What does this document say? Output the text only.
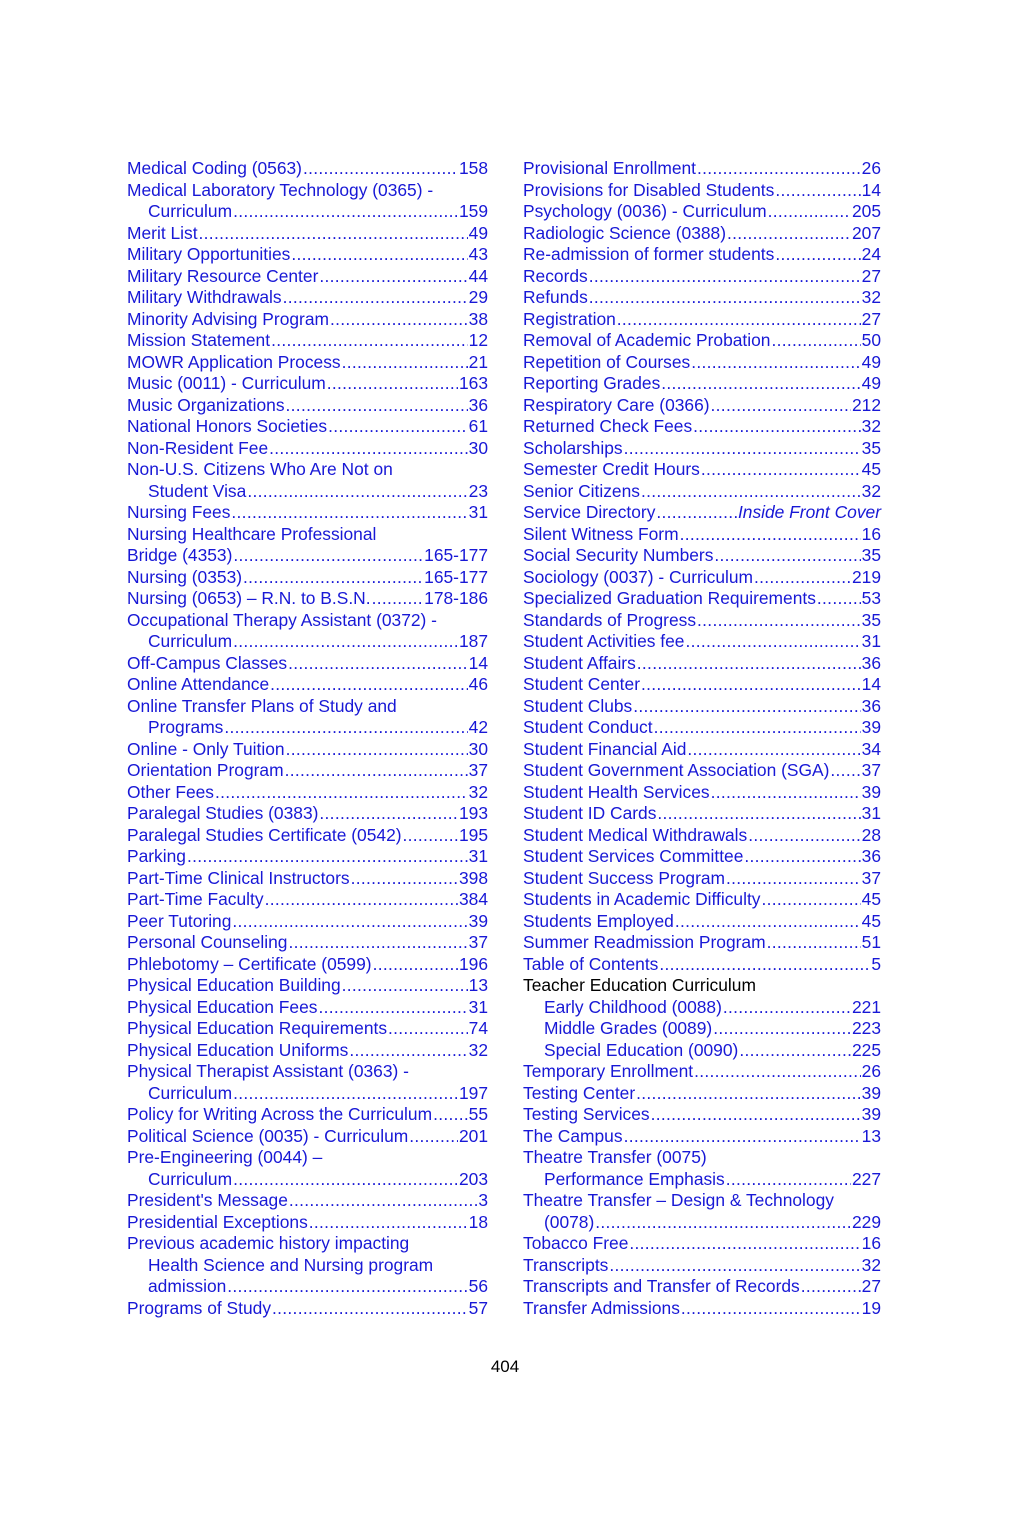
Medical Coding (0563) .....	158
Medical Laboratory Technology (0365) -
Curriculum .....	159
Merit List .....	49
Military Opportunities .....	43
Military Resource Center .....	44
Military Withdrawals .....	29
Minority Advising Program .....	38
Mission Statement .....	12
MOWR Application Process .....	21
Music (0011) - Curriculum .....	163
Music Organizations .....	36
National Honors Societies .....	61
Non-Resident Fee .....	30
Non-U.S. Citizens Who Are Not on
Student Visa .....	23
Nursing Fees .....	31
Nursing Healthcare Professional
Bridge (4353) .....	165-177
Nursing (0353) .....	165-177
Nursing (0653) – R.N. to B.S.N. .....	178-186
Occupational Therapy Assistant (0372) -
Curriculum .....	187
Off-Campus Classes .....	14
Online Attendance .....	46
Online Transfer Plans of Study and
Programs .....	42
Online - Only Tuition .....	30
Orientation Program .....	37
Other Fees .....	32
Paralegal Studies (0383) .....	193
Paralegal Studies Certificate (0542) .....	195
Parking .....	31
Part-Time Clinical Instructors .....	398
Part-Time Faculty .....	384
Peer Tutoring .....	39
Personal Counseling .....	37
Phlebotomy – Certificate (0599) .....	196
Physical Education Building .....	13
Physical Education Fees .....	31
Physical Education Requirements .....	74
Physical Education Uniforms .....	32
Physical Therapist Assistant (0363) -
Curriculum .....	197
Policy for Writing Across the Curriculum ..... 55
Political Science (0035) - Curriculum .....	201
Pre-Engineering (0044) –
Curriculum .....	203
President's Message .....	3
Presidential Exceptions .....	18
Previous academic history impacting
Health Science and Nursing program
admission .....	56
Programs of Study .....	57
Provisional Enrollment .....	26
Provisions for Disabled Students .....	14
Psychology (0036) - Curriculum .....	205
Radiologic Science (0388) .....	207
Re-admission of former students .....	24
Records .....	27
Refunds .....	32
Registration .....	27
Removal of Academic Probation .....	50
Repetition of Courses .....	49
Reporting Grades .....	49
Respiratory Care (0366) .....	212
Returned Check Fees .....	32
Scholarships .....	35
Semester Credit Hours .....	45
Senior Citizens .....	32
Service Directory .....	Inside Front Cover
Silent Witness Form .....	16
Social Security Numbers .....	35
Sociology (0037) - Curriculum .....	219
Specialized Graduation Requirements .....	53
Standards of Progress .....	35
Student Activities fee .....	31
Student Affairs .....	36
Student Center .....	14
Student Clubs .....	36
Student Conduct .....	39
Student Financial Aid .....	34
Student Government Association (SGA) ..... 37
Student Health Services .....	39
Student ID Cards .....	31
Student Medical Withdrawals .....	28
Student Services Committee .....	36
Student Success Program .....	37
Students in Academic Difficulty .....	45
Students Employed .....	45
Summer Readmission Program .....	51
Table of Contents .....	5
Teacher Education Curriculum
Early Childhood (0088) .....	221
Middle Grades (0089) .....	223
Special Education (0090) .....	225
Temporary Enrollment .....	26
Testing Center .....	39
Testing Services .....	39
The Campus .....	13
Theatre Transfer (0075)
Performance Emphasis .....	227
Theatre Transfer – Design & Technology
(0078) .....	229
Tobacco Free .....	16
Transcripts .....	32
Transcripts and Transfer of Records .....	27
Transfer Admissions .....	19
404
